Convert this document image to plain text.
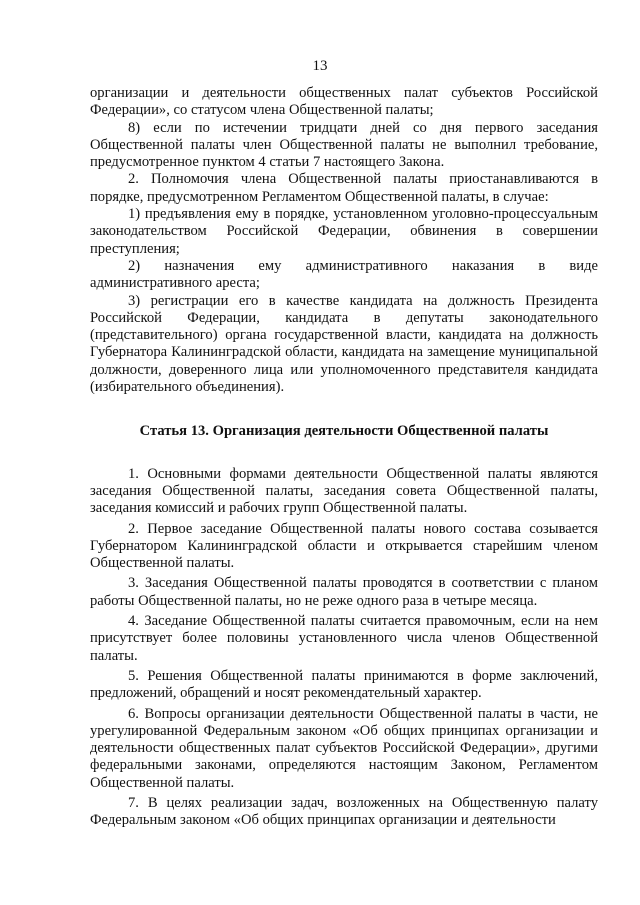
13

организации и деятельности общественных палат субъектов Российской Федерации», со статусом члена Общественной палаты;

8) если по истечении тридцати дней со дня первого заседания Общественной палаты член Общественной палаты не выполнил требование, предусмотренное пунктом 4 статьи 7 настоящего Закона.

2. Полномочия члена Общественной палаты приостанавливаются в порядке, предусмотренном Регламентом Общественной палаты, в случае:

1) предъявления ему в порядке, установленном уголовно-процессуальным законодательством Российской Федерации, обвинения в совершении преступления;

2) назначения ему административного наказания в виде административного ареста;

3) регистрации его в качестве кандидата на должность Президента Российской Федерации, кандидата в депутаты законодательного (представительного) органа государственной власти, кандидата на должность Губернатора Калининградской области, кандидата на замещение муниципальной должности, доверенного лица или уполномоченного представителя кандидата (избирательного объединения).

Статья 13. Организация деятельности Общественной палаты

1. Основными формами деятельности Общественной палаты являются заседания Общественной палаты, заседания совета Общественной палаты, заседания комиссий и рабочих групп Общественной палаты.

2. Первое заседание Общественной палаты нового состава созывается Губернатором Калининградской области и открывается старейшим членом Общественной палаты.

3. Заседания Общественной палаты проводятся в соответствии с планом работы Общественной палаты, но не реже одного раза в четыре месяца.

4. Заседание Общественной палаты считается правомочным, если на нем присутствует более половины установленного числа членов Общественной палаты.

5. Решения Общественной палаты принимаются в форме заключений, предложений, обращений и носят рекомендательный характер.

6. Вопросы организации деятельности Общественной палаты в части, не урегулированной Федеральным законом «Об общих принципах организации и деятельности общественных палат субъектов Российской Федерации», другими федеральными законами, определяются настоящим Законом, Регламентом Общественной палаты.

7. В целях реализации задач, возложенных на Общественную палату Федеральным законом «Об общих принципах организации и деятельности
